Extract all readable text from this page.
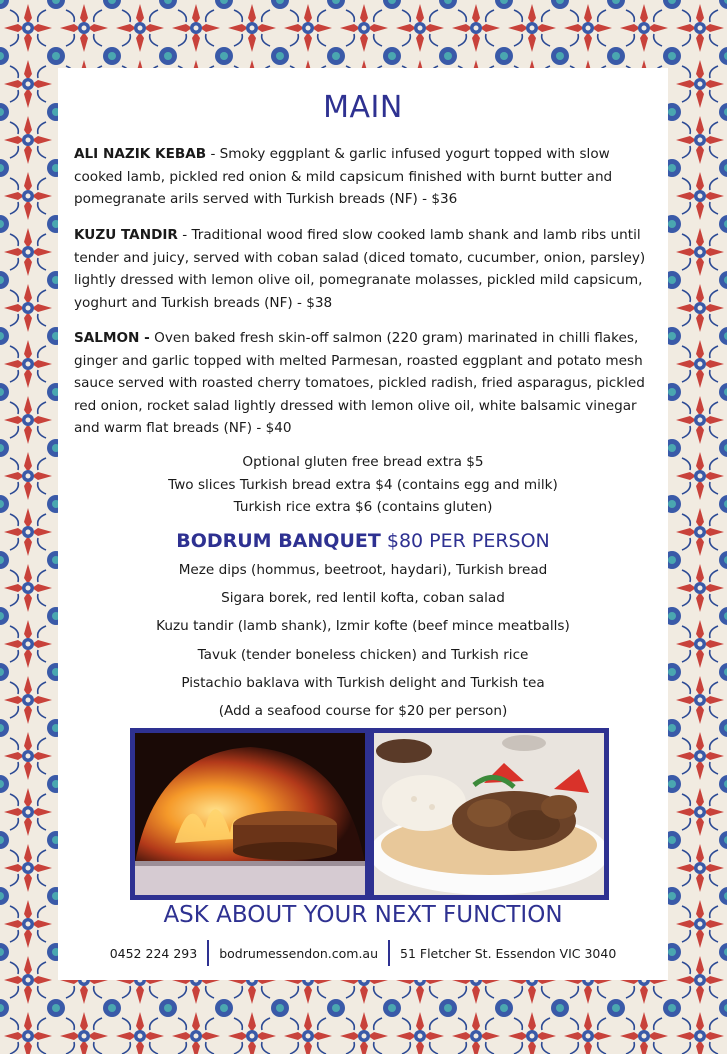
MAIN
ALI NAZIK KEBAB - Smoky eggplant & garlic infused yogurt topped with slow cooked lamb, pickled red onion & mild capsicum finished with burnt butter and pomegranate arils served with Turkish breads (NF) - $36
KUZU TANDIR - Traditional wood fired slow cooked lamb shank and lamb ribs until tender and juicy, served with coban salad (diced tomato, cucumber, onion, parsley) lightly dressed with lemon olive oil, pomegranate molasses, pickled mild capsicum, yoghurt and Turkish breads (NF) - $38
SALMON - Oven baked fresh skin-off salmon (220 gram) marinated in chilli flakes, ginger and garlic topped with melted Parmesan, roasted eggplant and potato mesh sauce served with roasted cherry tomatoes, pickled radish, fried asparagus, pickled red onion, rocket salad lightly dressed with lemon olive oil, white balsamic vinegar and warm flat breads (NF) - $40
Optional gluten free bread extra $5
Two slices Turkish bread extra $4 (contains egg and milk)
Turkish rice extra $6 (contains gluten)
BODRUM BANQUET $80 PER PERSON
Meze dips (hommus, beetroot, haydari), Turkish bread
Sigara borek, red lentil kofta, coban salad
Kuzu tandir (lamb shank), Izmir kofte (beef mince meatballs)
Tavuk (tender boneless chicken) and Turkish rice
Pistachio baklava with Turkish delight and Turkish tea
(Add a seafood course for $20 per person)
ASK ABOUT YOUR NEXT FUNCTION
0452 224 293 bodrumessendon.com.au 51 Fletcher St. Essendon VIC 3040
